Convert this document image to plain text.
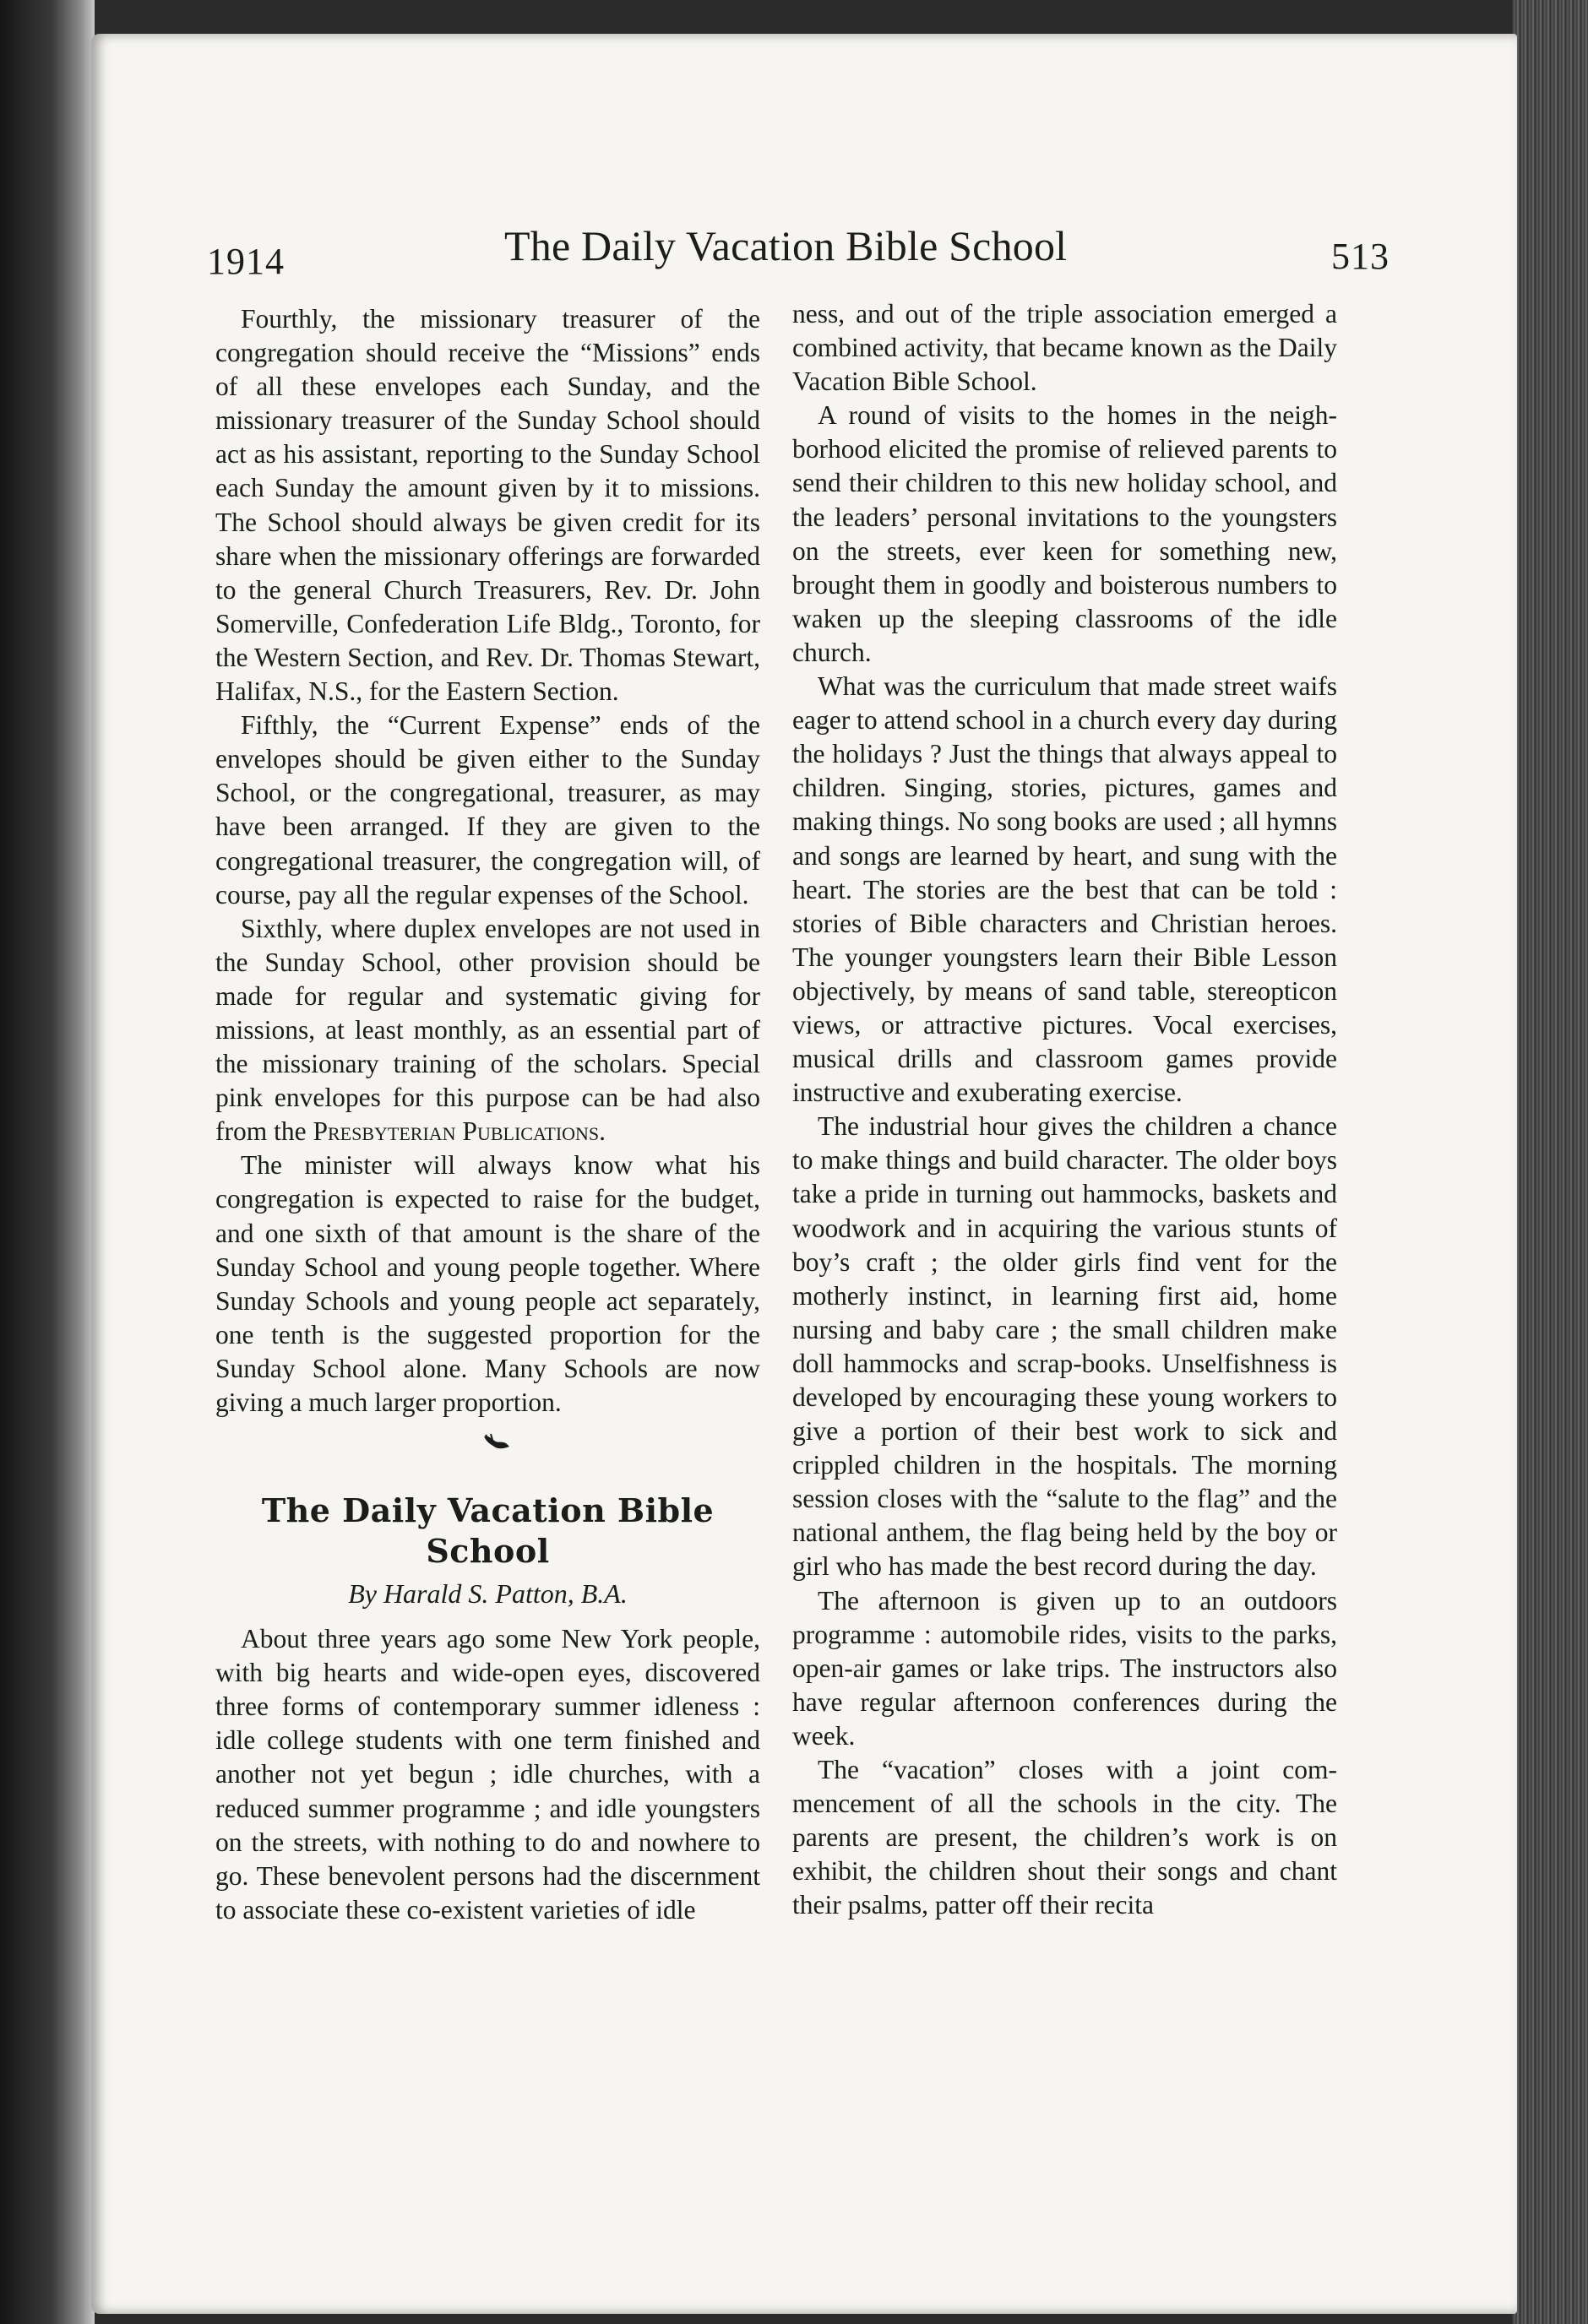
1914	The Daily Vacation Bible School	513

Fourthly, the missionary treasurer of the congregation should receive the “Missions” ends of all these envelopes each Sunday, and the missionary treasurer of the Sunday School should act as his assistant, reporting to the Sunday School each Sunday the amount given by it to missions. The School should always be given credit for its share when the missionary offerings are forwarded to the general Church Treasurers, Rev. Dr. John Somerville, Confederation Life Bldg., Toronto, for the Western Section, and Rev. Dr. Thomas Stewart, Halifax, N.S., for the Eastern Section.

Fifthly, the “Current Expense” ends of the envelopes should be given either to the Sunday School, or the congregational, treasurer, as may have been arranged. If they are given to the congregational treasurer, the congregation will, of course, pay all the regular expenses of the School.

Sixthly, where duplex envelopes are not used in the Sunday School, other provision should be made for regular and systematic giving for missions, at least monthly, as an essential part of the missionary training of the scholars. Special pink envelopes for this purpose can be had also from the Presbyterian Publications.

The minister will always know what his congregation is expected to raise for the budget, and one sixth of that amount is the share of the Sunday School and young people together. Where Sunday Schools and young people act separately, one tenth is the suggested proportion for the Sunday School alone. Many Schools are now giving a much larger proportion.

The Daily Vacation Bible School
By Harald S. Patton, B.A.

About three years ago some New York people, with big hearts and wide-open eyes, discovered three forms of contemporary summer idleness : idle college students with one term finished and another not yet begun ; idle churches, with a reduced summer programme ; and idle youngsters on the streets, with nothing to do and nowhere to go. These benevolent persons had the discernment to associate these co-existent varieties of idle

ness, and out of the triple association emerged a combined activity, that became known as the Daily Vacation Bible School.

A round of visits to the homes in the neighborhood elicited the promise of relieved parents to send their children to this new holiday school, and the leaders’ personal invitations to the youngsters on the streets, ever keen for something new, brought them in goodly and boisterous numbers to waken up the sleeping classrooms of the idle church.

What was the curriculum that made street waifs eager to attend school in a church every day during the holidays ? Just the things that always appeal to children. Singing, stories, pictures, games and making things. No song books are used ; all hymns and songs are learned by heart, and sung with the heart. The stories are the best that can be told : stories of Bible characters and Christian heroes. The younger youngsters learn their Bible Lesson objectively, by means of sand table, stereopticon views, or attractive pictures. Vocal exercises, musical drills and classroom games provide instructive and exuberating exercise.

The industrial hour gives the children a chance to make things and build character. The older boys take a pride in turning out hammocks, baskets and woodwork and in acquiring the various stunts of boy’s craft ; the older girls find vent for the motherly instinct, in learning first aid, home nursing and baby care ; the small children make doll hammocks and scrap-books. Unselfishness is developed by encouraging these young workers to give a portion of their best work to sick and crippled children in the hospitals. The morning session closes with the “salute to the flag” and the national anthem, the flag being held by the boy or girl who has made the best record during the day.

The afternoon is given up to an outdoors programme : automobile rides, visits to the parks, open-air games or lake trips. The instructors also have regular afternoon conferences during the week.

The “vacation” closes with a joint commencement of all the schools in the city. The parents are present, the children’s work is on exhibit, the children shout their songs and chant their psalms, patter off their recita
